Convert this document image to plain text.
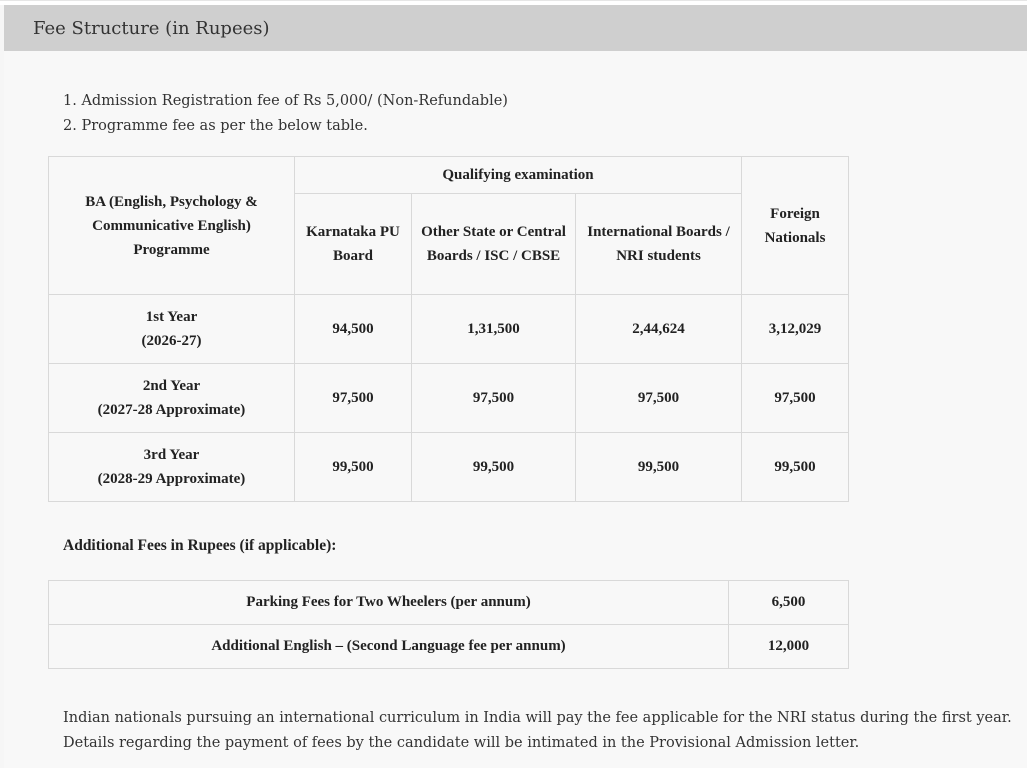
Fee Structure (in Rupees)
1. Admission Registration fee of Rs 5,000/ (Non-Refundable)
2. Programme fee as per the below table.
BA (English, Psychology & Communicative English) Programme	Qualifying examination			Foreign Nationals
	Karnataka PU Board	Other State or Central Boards / ISC / CBSE	International Boards / NRI students	

1st Year
(2026-27)	94,500	1,31,500	2,44,624	3,12,029

2nd Year
(2027-28 Approximate)	97,500	97,500	97,500	97,500

3rd Year
(2028-29 Approximate)	99,500	99,500	99,500	99,500
Additional Fees in Rupees (if applicable):
Parking Fees for Two Wheelers (per annum)	6,500
Additional English – (Second Language fee per annum)	12,000
Indian nationals pursuing an international curriculum in India will pay the fee applicable for the NRI status during the first year.
Details regarding the payment of fees by the candidate will be intimated in the Provisional Admission letter.
